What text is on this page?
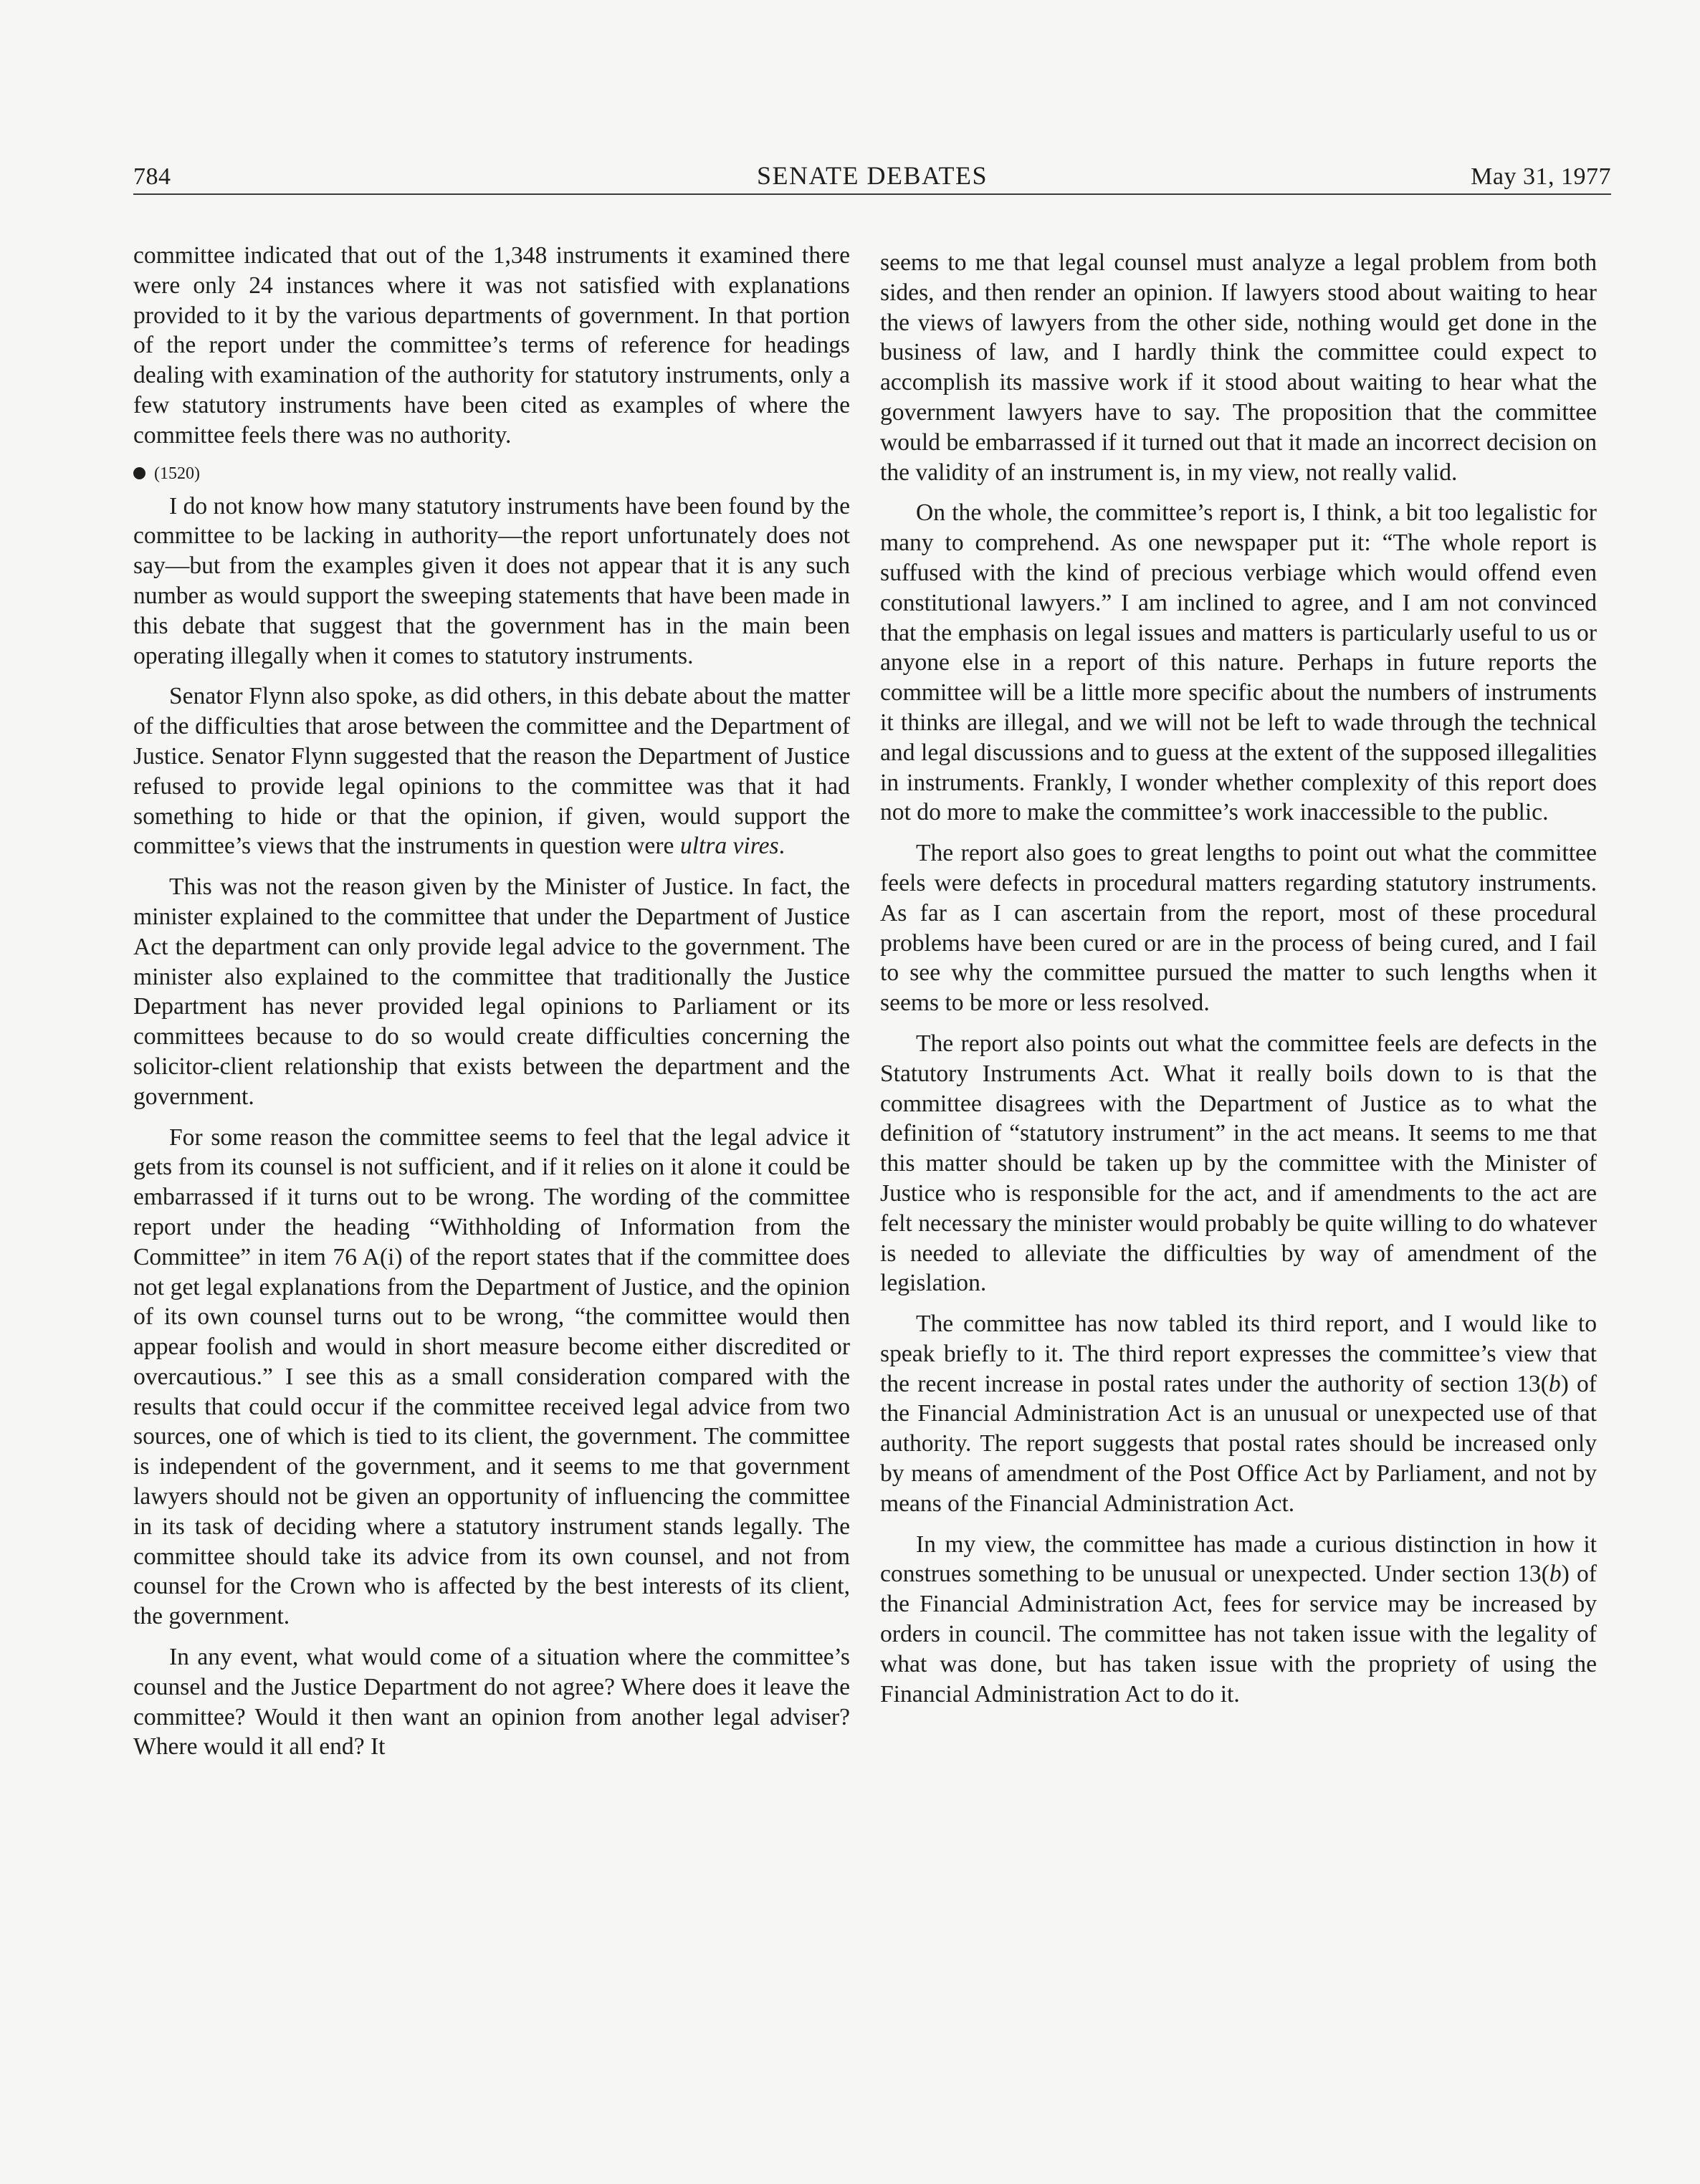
784	SENATE DEBATES	May 31, 1977

committee indicated that out of the 1,348 instruments it examined there were only 24 instances where it was not satisfied with explanations provided to it by the various departments of government. In that portion of the report under the committee’s terms of reference for headings dealing with examination of the authority for statutory instruments, only a few statutory instruments have been cited as examples of where the committee feels there was no authority.

(1520)

I do not know how many statutory instruments have been found by the committee to be lacking in authority—the report unfortunately does not say—but from the examples given it does not appear that it is any such number as would support the sweeping statements that have been made in this debate that suggest that the government has in the main been operating illegally when it comes to statutory instruments.

Senator Flynn also spoke, as did others, in this debate about the matter of the difficulties that arose between the committee and the Department of Justice. Senator Flynn suggested that the reason the Department of Justice refused to provide legal opinions to the committee was that it had something to hide or that the opinion, if given, would support the committee’s views that the instruments in question were ultra vires.

This was not the reason given by the Minister of Justice. In fact, the minister explained to the committee that under the Department of Justice Act the department can only provide legal advice to the government. The minister also explained to the committee that traditionally the Justice Department has never provided legal opinions to Parliament or its committees because to do so would create difficulties concerning the solicitor-client relationship that exists between the department and the government.

For some reason the committee seems to feel that the legal advice it gets from its counsel is not sufficient, and if it relies on it alone it could be embarrassed if it turns out to be wrong. The wording of the committee report under the heading “Withholding of Information from the Committee” in item 76 A(i) of the report states that if the committee does not get legal explanations from the Department of Justice, and the opinion of its own counsel turns out to be wrong, “the committee would then appear foolish and would in short measure become either discredited or overcautious.” I see this as a small consideration compared with the results that could occur if the committee received legal advice from two sources, one of which is tied to its client, the government. The committee is independent of the government, and it seems to me that government lawyers should not be given an opportunity of influencing the committee in its task of deciding where a statutory instrument stands legally. The committee should take its advice from its own counsel, and not from counsel for the Crown who is affected by the best interests of its client, the government.

In any event, what would come of a situation where the committee’s counsel and the Justice Department do not agree? Where does it leave the committee? Would it then want an opinion from another legal adviser? Where would it all end? It

seems to me that legal counsel must analyze a legal problem from both sides, and then render an opinion. If lawyers stood about waiting to hear the views of lawyers from the other side, nothing would get done in the business of law, and I hardly think the committee could expect to accomplish its massive work if it stood about waiting to hear what the government lawyers have to say. The proposition that the committee would be embarrassed if it turned out that it made an incorrect decision on the validity of an instrument is, in my view, not really valid.

On the whole, the committee’s report is, I think, a bit too legalistic for many to comprehend. As one newspaper put it: “The whole report is suffused with the kind of precious verbiage which would offend even constitutional lawyers.” I am inclined to agree, and I am not convinced that the emphasis on legal issues and matters is particularly useful to us or anyone else in a report of this nature. Perhaps in future reports the committee will be a little more specific about the numbers of instruments it thinks are illegal, and we will not be left to wade through the technical and legal discussions and to guess at the extent of the supposed illegalities in instruments. Frankly, I wonder whether complexity of this report does not do more to make the committee’s work inaccessible to the public.

The report also goes to great lengths to point out what the committee feels were defects in procedural matters regarding statutory instruments. As far as I can ascertain from the report, most of these procedural problems have been cured or are in the process of being cured, and I fail to see why the committee pursued the matter to such lengths when it seems to be more or less resolved.

The report also points out what the committee feels are defects in the Statutory Instruments Act. What it really boils down to is that the committee disagrees with the Department of Justice as to what the definition of “statutory instrument” in the act means. It seems to me that this matter should be taken up by the committee with the Minister of Justice who is responsible for the act, and if amendments to the act are felt necessary the minister would probably be quite willing to do whatever is needed to alleviate the difficulties by way of amendment of the legislation.

The committee has now tabled its third report, and I would like to speak briefly to it. The third report expresses the committee’s view that the recent increase in postal rates under the authority of section 13(b) of the Financial Administration Act is an unusual or unexpected use of that authority. The report suggests that postal rates should be increased only by means of amendment of the Post Office Act by Parliament, and not by means of the Financial Administration Act.

In my view, the committee has made a curious distinction in how it construes something to be unusual or unexpected. Under section 13(b) of the Financial Administration Act, fees for service may be increased by orders in council. The committee has not taken issue with the legality of what was done, but has taken issue with the propriety of using the Financial Administration Act to do it.
